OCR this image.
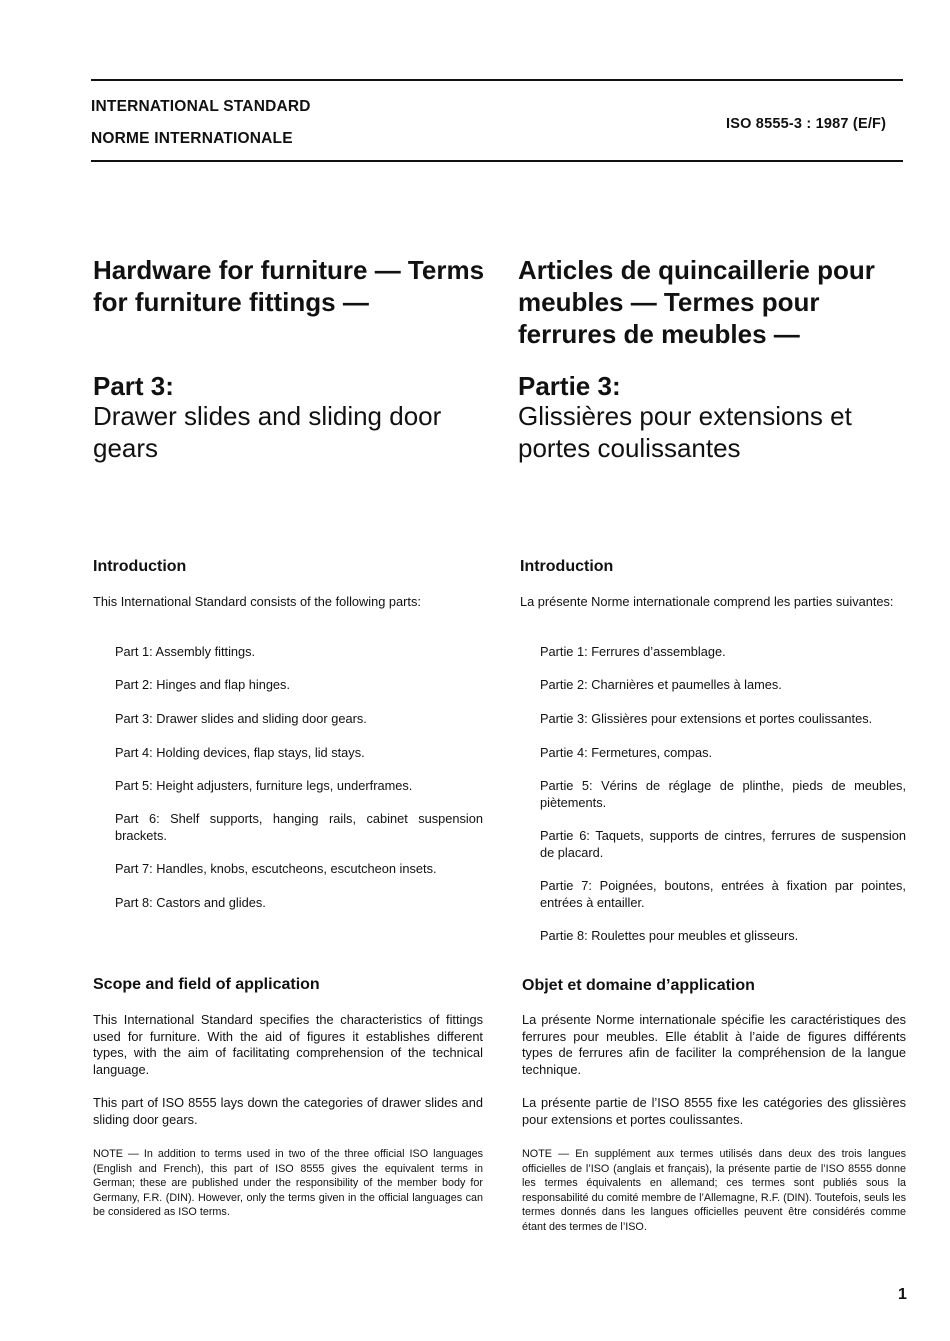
INTERNATIONAL STANDARD
NORME INTERNATIONALE
ISO 8555-3 : 1987 (E/F)
Hardware for furniture — Terms for furniture fittings —
Part 3:
Drawer slides and sliding door gears
Introduction

This International Standard consists of the following parts:

Part 1: Assembly fittings.
Part 2: Hinges and flap hinges.
Part 3: Drawer slides and sliding door gears.
Part 4: Holding devices, flap stays, lid stays.
Part 5: Height adjusters, furniture legs, underframes.
Part 6: Shelf supports, hanging rails, cabinet suspension brackets.
Part 7: Handles, knobs, escutcheons, escutcheon insets.
Part 8: Castors and glides.
Scope and field of application

This International Standard specifies the characteristics of fittings used for furniture. With the aid of figures it establishes different types, with the aim of facilitating comprehension of the technical language.

This part of ISO 8555 lays down the categories of drawer slides and sliding door gears.

NOTE — In addition to terms used in two of the three official ISO languages (English and French), this part of ISO 8555 gives the equivalent terms in German; these are published under the responsibility of the member body for Germany, F.R. (DIN). However, only the terms given in the official languages can be considered as ISO terms.

Articles de quincaillerie pour meubles — Termes pour ferrures de meubles —
Partie 3:
Glissières pour extensions et portes coulissantes
Introduction

La présente Norme internationale comprend les parties suivantes:

Partie 1: Ferrures d’assemblage.
Partie 2: Charnières et paumelles à lames.
Partie 3: Glissières pour extensions et portes coulissantes.
Partie 4: Fermetures, compas.
Partie 5: Vérins de réglage de plinthe, pieds de meubles, piètements.
Partie 6: Taquets, supports de cintres, ferrures de suspension de placard.
Partie 7: Poignées, boutons, entrées à fixation par pointes, entrées à entailler.
Partie 8: Roulettes pour meubles et glisseurs.
Objet et domaine d’application

La présente Norme internationale spécifie les caractéristiques des ferrures pour meubles. Elle établit à l’aide de figures différents types de ferrures afin de faciliter la compréhension de la langue technique.

La présente partie de l’ISO 8555 fixe les catégories des glissières pour extensions et portes coulissantes.

NOTE — En supplément aux termes utilisés dans deux des trois langues officielles de l’ISO (anglais et français), la présente partie de l’ISO 8555 donne les termes équivalents en allemand; ces termes sont publiés sous la responsabilité du comité membre de l’Allemagne, R.F. (DIN). Toutefois, seuls les termes donnés dans les langues officielles peuvent être considérés comme étant des termes de l’ISO.

1
